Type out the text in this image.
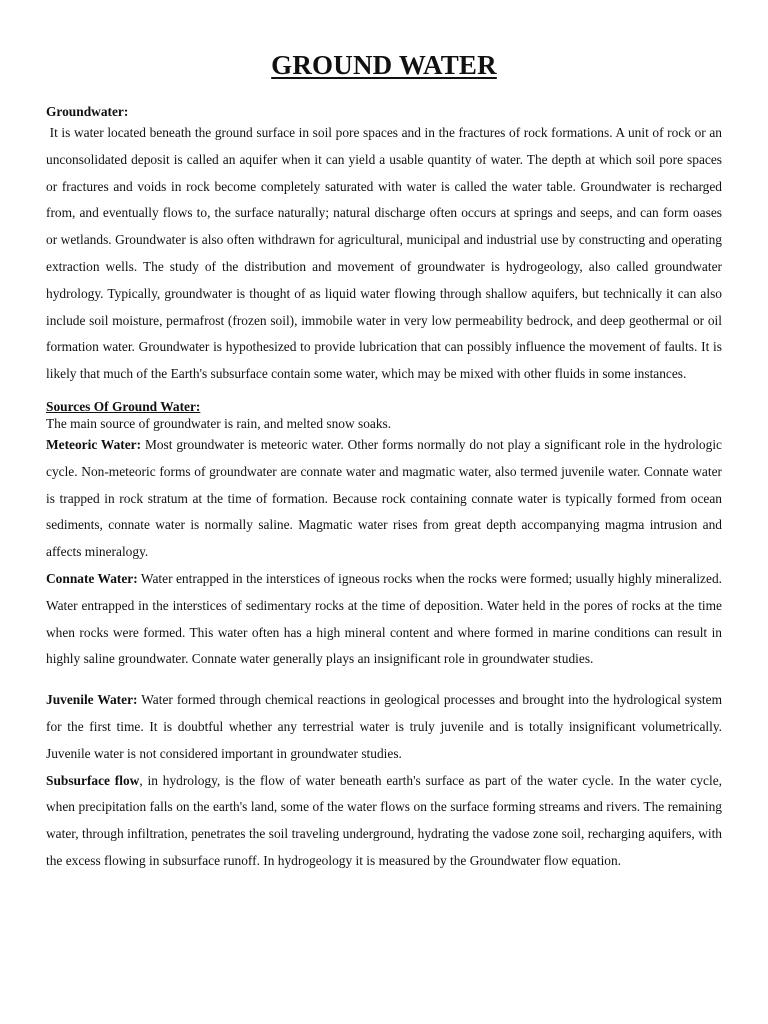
GROUND WATER
Groundwater:

It is water located beneath the ground surface in soil pore spaces and in the fractures of rock formations. A unit of rock or an unconsolidated deposit is called an aquifer when it can yield a usable quantity of water. The depth at which soil pore spaces or fractures and voids in rock become completely saturated with water is called the water table. Groundwater is recharged from, and eventually flows to, the surface naturally; natural discharge often occurs at springs and seeps, and can form oases or wetlands. Groundwater is also often withdrawn for agricultural, municipal and industrial use by constructing and operating extraction wells. The study of the distribution and movement of groundwater is hydrogeology, also called groundwater hydrology. Typically, groundwater is thought of as liquid water flowing through shallow aquifers, but technically it can also include soil moisture, permafrost (frozen soil), immobile water in very low permeability bedrock, and deep geothermal or oil formation water. Groundwater is hypothesized to provide lubrication that can possibly influence the movement of faults. It is likely that much of the Earth's subsurface contain some water, which may be mixed with other fluids in some instances.

Sources Of Ground Water:
The main source of groundwater is rain, and melted snow soaks.

Meteoric Water: Most groundwater is meteoric water. Other forms normally do not play a significant role in the hydrologic cycle. Non-meteoric forms of groundwater are connate water and magmatic water, also termed juvenile water. Connate water is trapped in rock stratum at the time of formation. Because rock containing connate water is typically formed from ocean sediments, connate water is normally saline. Magmatic water rises from great depth accompanying magma intrusion and affects mineralogy.

Connate Water: Water entrapped in the interstices of igneous rocks when the rocks were formed; usually highly mineralized. Water entrapped in the interstices of sedimentary rocks at the time of deposition. Water held in the pores of rocks at the time when rocks were formed. This water often has a high mineral content and where formed in marine conditions can result in highly saline groundwater. Connate water generally plays an insignificant role in groundwater studies.

Juvenile Water: Water formed through chemical reactions in geological processes and brought into the hydrological system for the first time. It is doubtful whether any terrestrial water is truly juvenile and is totally insignificant volumetrically. Juvenile water is not considered important in groundwater studies.

Subsurface flow, in hydrology, is the flow of water beneath earth's surface as part of the water cycle. In the water cycle, when precipitation falls on the earth's land, some of the water flows on the surface forming streams and rivers. The remaining water, through infiltration, penetrates the soil traveling underground, hydrating the vadose zone soil, recharging aquifers, with the excess flowing in subsurface runoff. In hydrogeology it is measured by the Groundwater flow equation.
